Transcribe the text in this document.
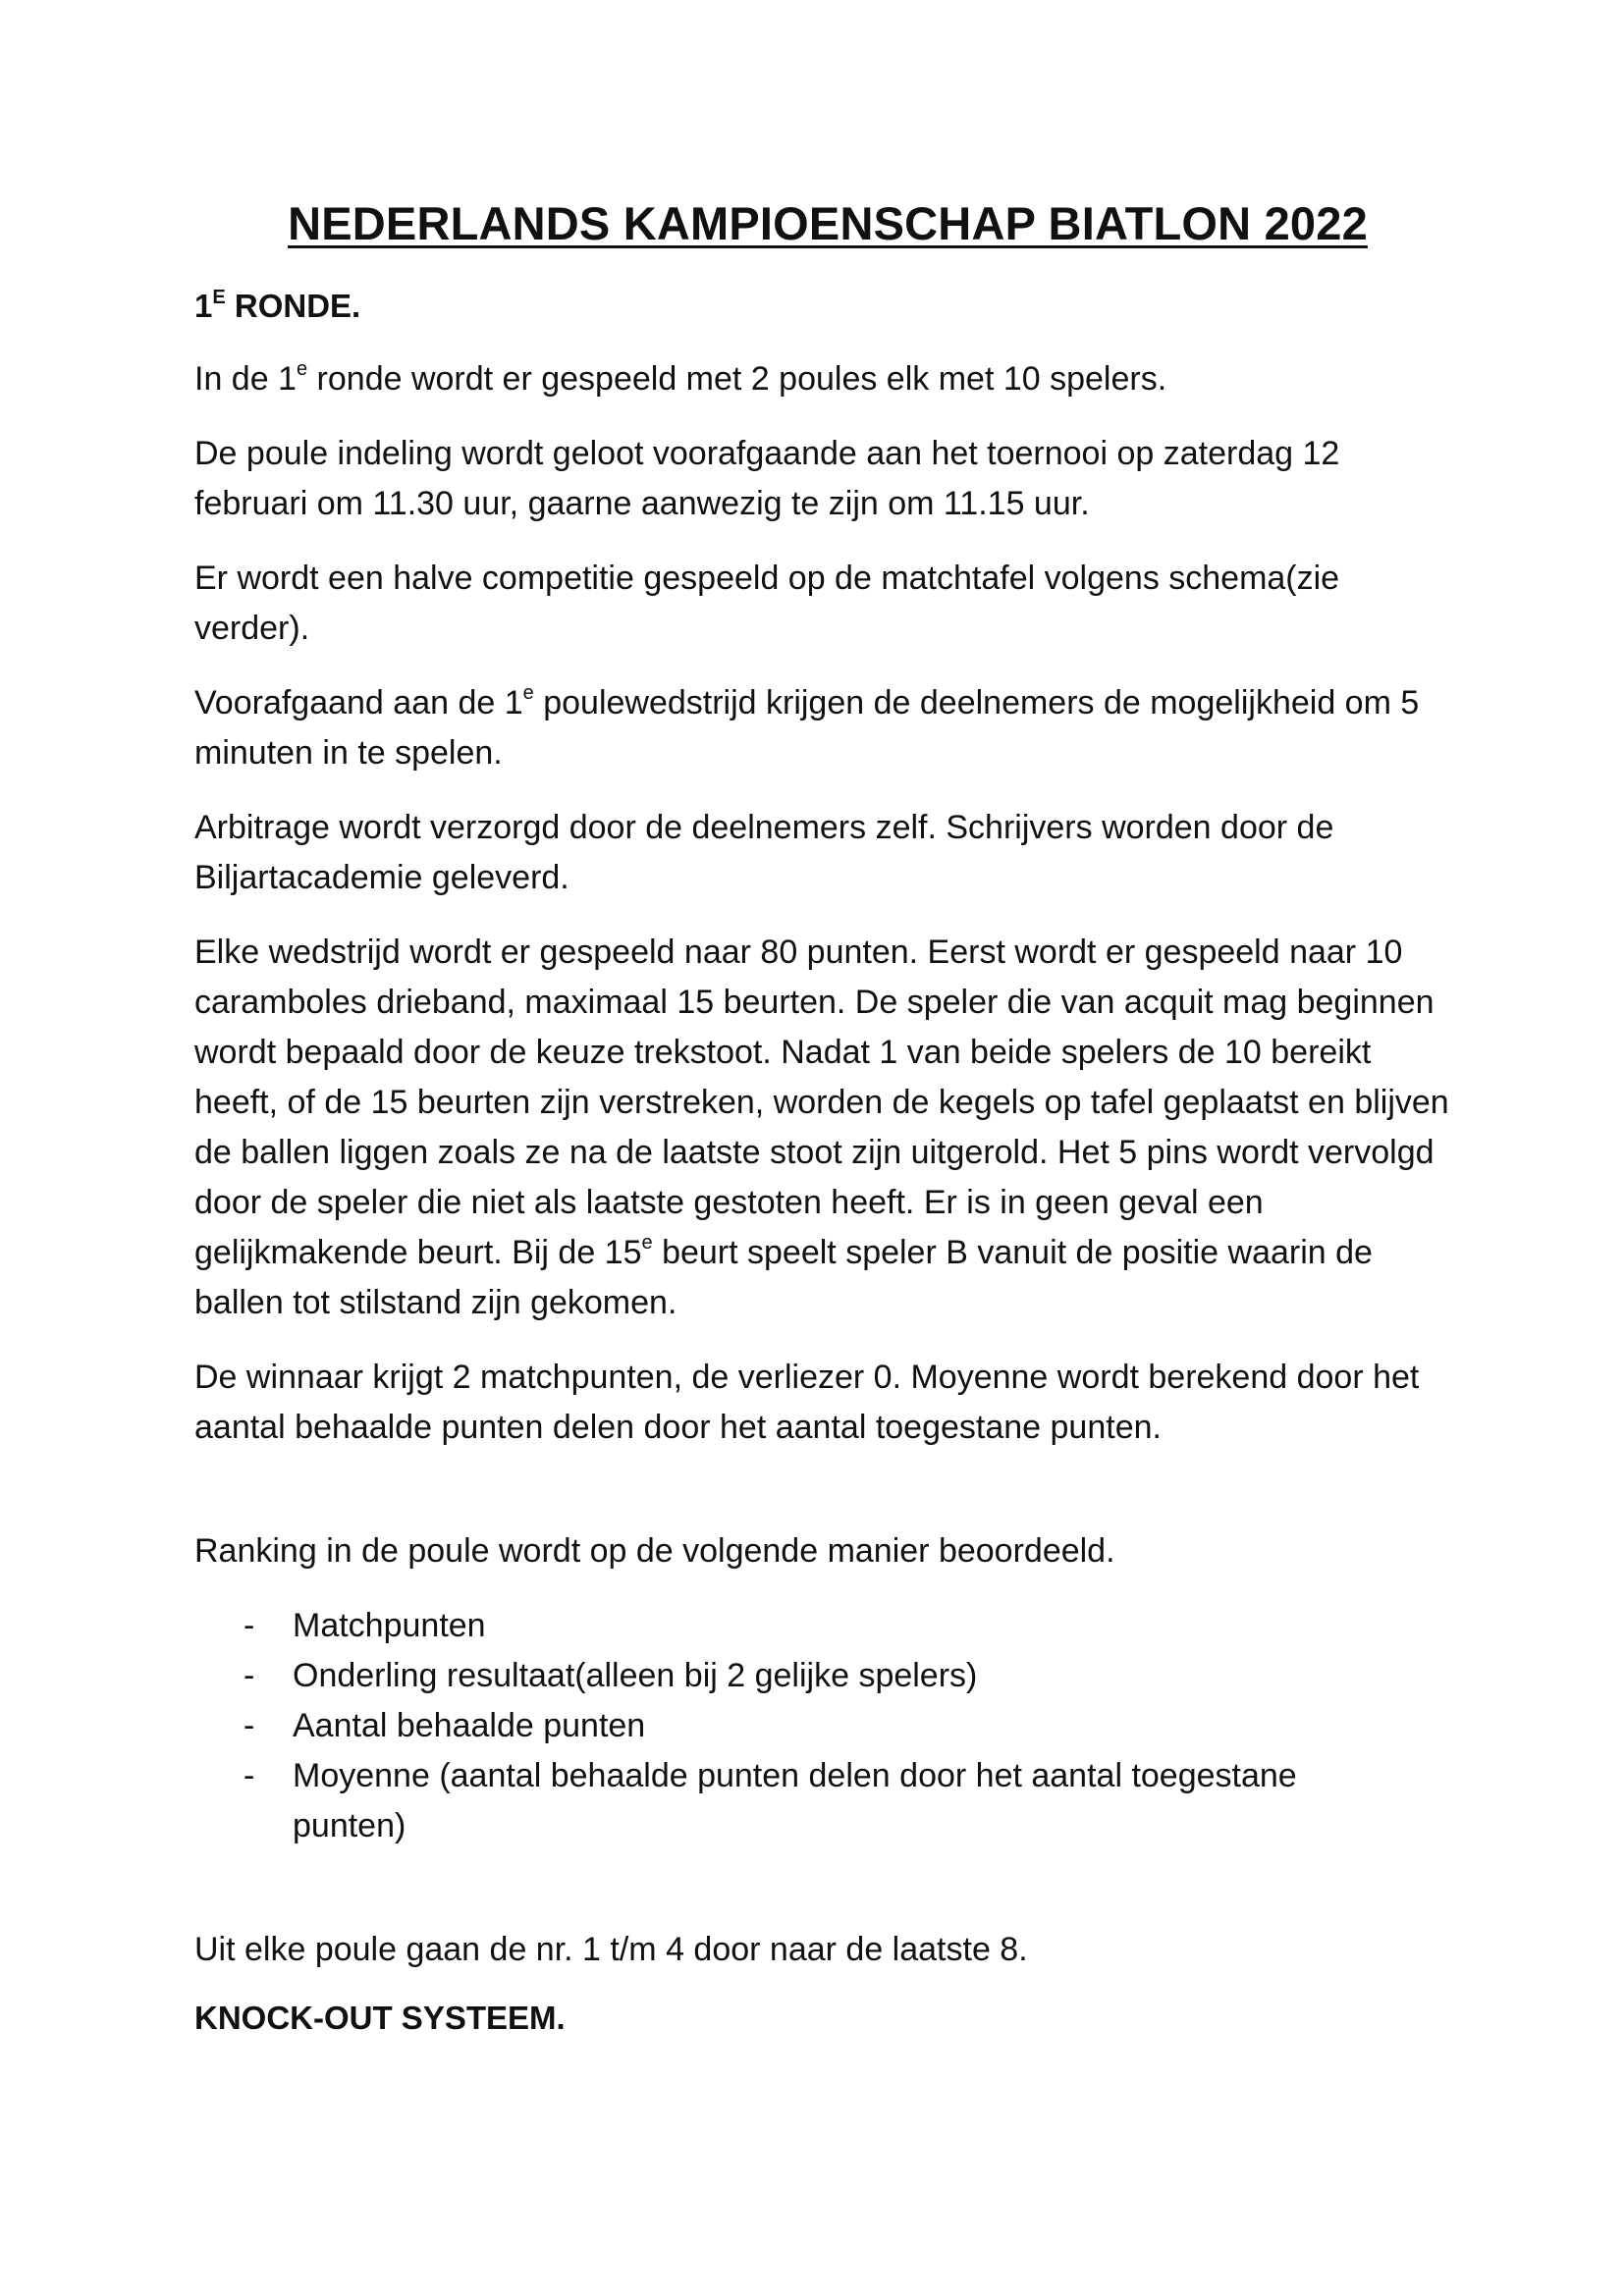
NEDERLANDS KAMPIOENSCHAP BIATLON 2022
$1^E$ RONDE.

In de 1e ronde wordt er gespeeld met 2 poules elk met 10 spelers.

De poule indeling wordt geloot voorafgaande aan het toernooi op zaterdag 12 februari om 11.30 uur, gaarne aanwezig te zijn om 11.15 uur.

Er wordt een halve competitie gespeeld op de matchtafel volgens schema(zie verder).

Voorafgaand aan de 1e poulewedstrijd krijgen de deelnemers de mogelijkheid om 5 minuten in te spelen.

Arbitrage wordt verzorgd door de deelnemers zelf. Schrijvers worden door de Biljartacademie geleverd.

Elke wedstrijd wordt er gespeeld naar 80 punten. Eerst wordt er gespeeld naar 10 caramboles drieband, maximaal 15 beurten. De speler die van acquit mag beginnen wordt bepaald door de keuze trekstoot. Nadat 1 van beide spelers de 10 bereikt heeft, of de 15 beurten zijn verstreken, worden de kegels op tafel geplaatst en blijven de ballen liggen zoals ze na de laatste stoot zijn uitgerold. Het 5 pins wordt vervolgd door de speler die niet als laatste gestoten heeft. Er is in geen geval een gelijkmakende beurt. Bij de 15e beurt speelt speler B vanuit de positie waarin de ballen tot stilstand zijn gekomen.

De winnaar krijgt 2 matchpunten, de verliezer 0. Moyenne wordt berekend door het aantal behaalde punten delen door het aantal toegestane punten.

Ranking in de poule wordt op de volgende manier beoordeeld.

-	Matchpunten
-	Onderling resultaat(alleen bij 2 gelijke spelers)
-	Aantal behaalde punten
-	Moyenne (aantal behaalde punten delen door het aantal toegestane punten)

Uit elke poule gaan de nr. 1 t/m 4 door naar de laatste 8.

KNOCK-OUT SYSTEEM.
